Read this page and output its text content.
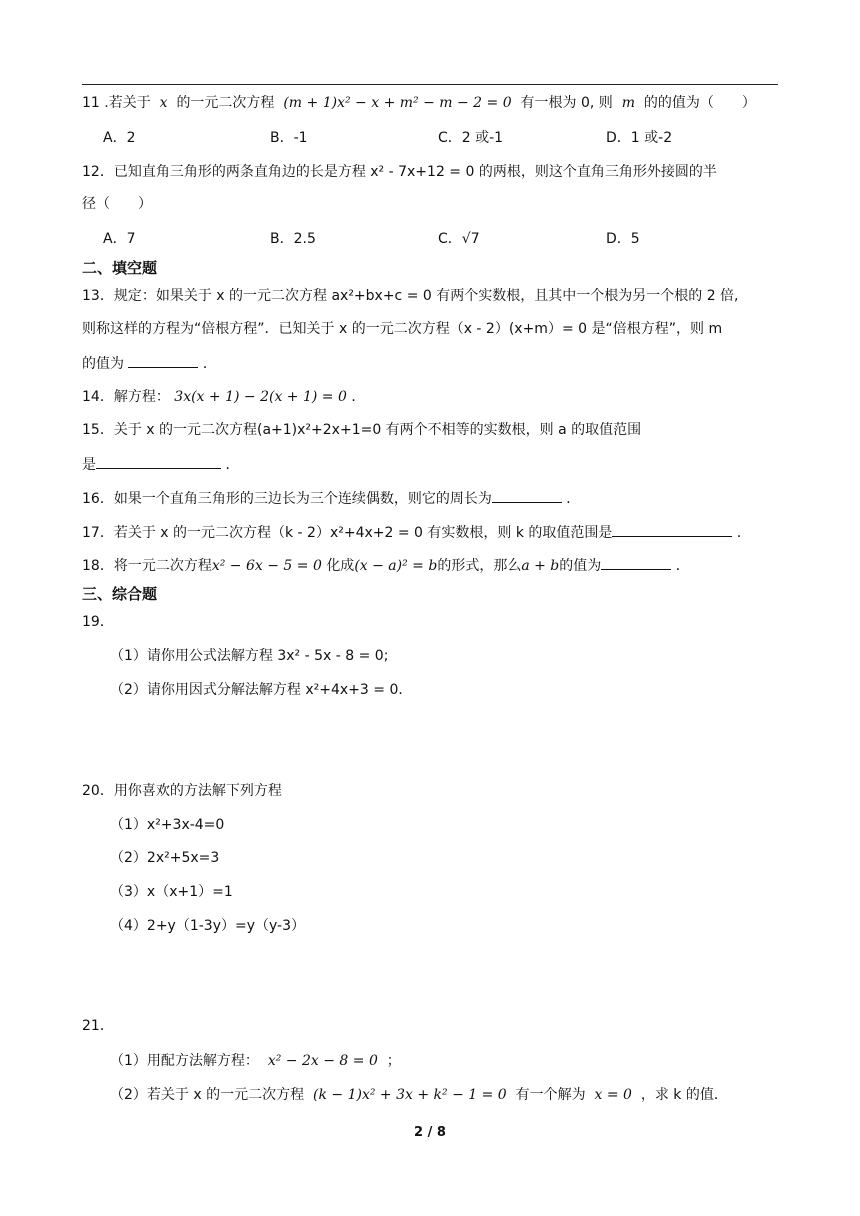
11 .若关于 x 的一元二次方程 (m + 1)x² − x + m² − m − 2 = 0 有一根为 0, 则 m 的的值为（　　）
A．2	B．-1	C．2 或-1	D．1 或-2
12．已知直角三角形的两条直角边的长是方程 x² - 7x+12 = 0 的两根，则这个直角三角形外接圆的半
径（　　）
A．7	B．2.5	C．√7	D．5
二、填空题
13．规定：如果关于 x 的一元二次方程 ax²+bx+c = 0 有两个实数根，且其中一个根为另一个根的 2 倍,
则称这样的方程为“倍根方程”．已知关于 x 的一元二次方程（x - 2）(x+m）= 0 是“倍根方程”，则 m
的值为	．
14．解方程： 3x(x + 1) − 2(x + 1) = 0 ．
15．关于 x 的一元二次方程(a+1)x²+2x+1=0 有两个不相等的实数根，则 a 的取值范围
是	．
16．如果一个直角三角形的三边长为三个连续偶数，则它的周长为	．
17．若关于 x 的一元二次方程（k - 2）x²+4x+2 = 0 有实数根，则 k 的取值范围是	．
18．将一元二次方程x² − 6x − 5 = 0 化成(x − a)² = b的形式，那么a + b的值为	．
三、综合题
19．
（1）请你用公式法解方程 3x² - 5x - 8 = 0;
（2）请你用因式分解法解方程 x²+4x+3 = 0．
20．用你喜欢的方法解下列方程
（1）x²+3x-4=0
（2）2x²+5x=3
（3）x（x+1）=1
（4）2+y（1-3y）=y（y-3）
21．
（1）用配方法解方程： x² − 2x − 8 = 0 ；
（2）若关于 x 的一元二次方程 (k − 1)x² + 3x + k² − 1 = 0 有一个解为 x = 0 ，求 k 的值．
2 / 8
